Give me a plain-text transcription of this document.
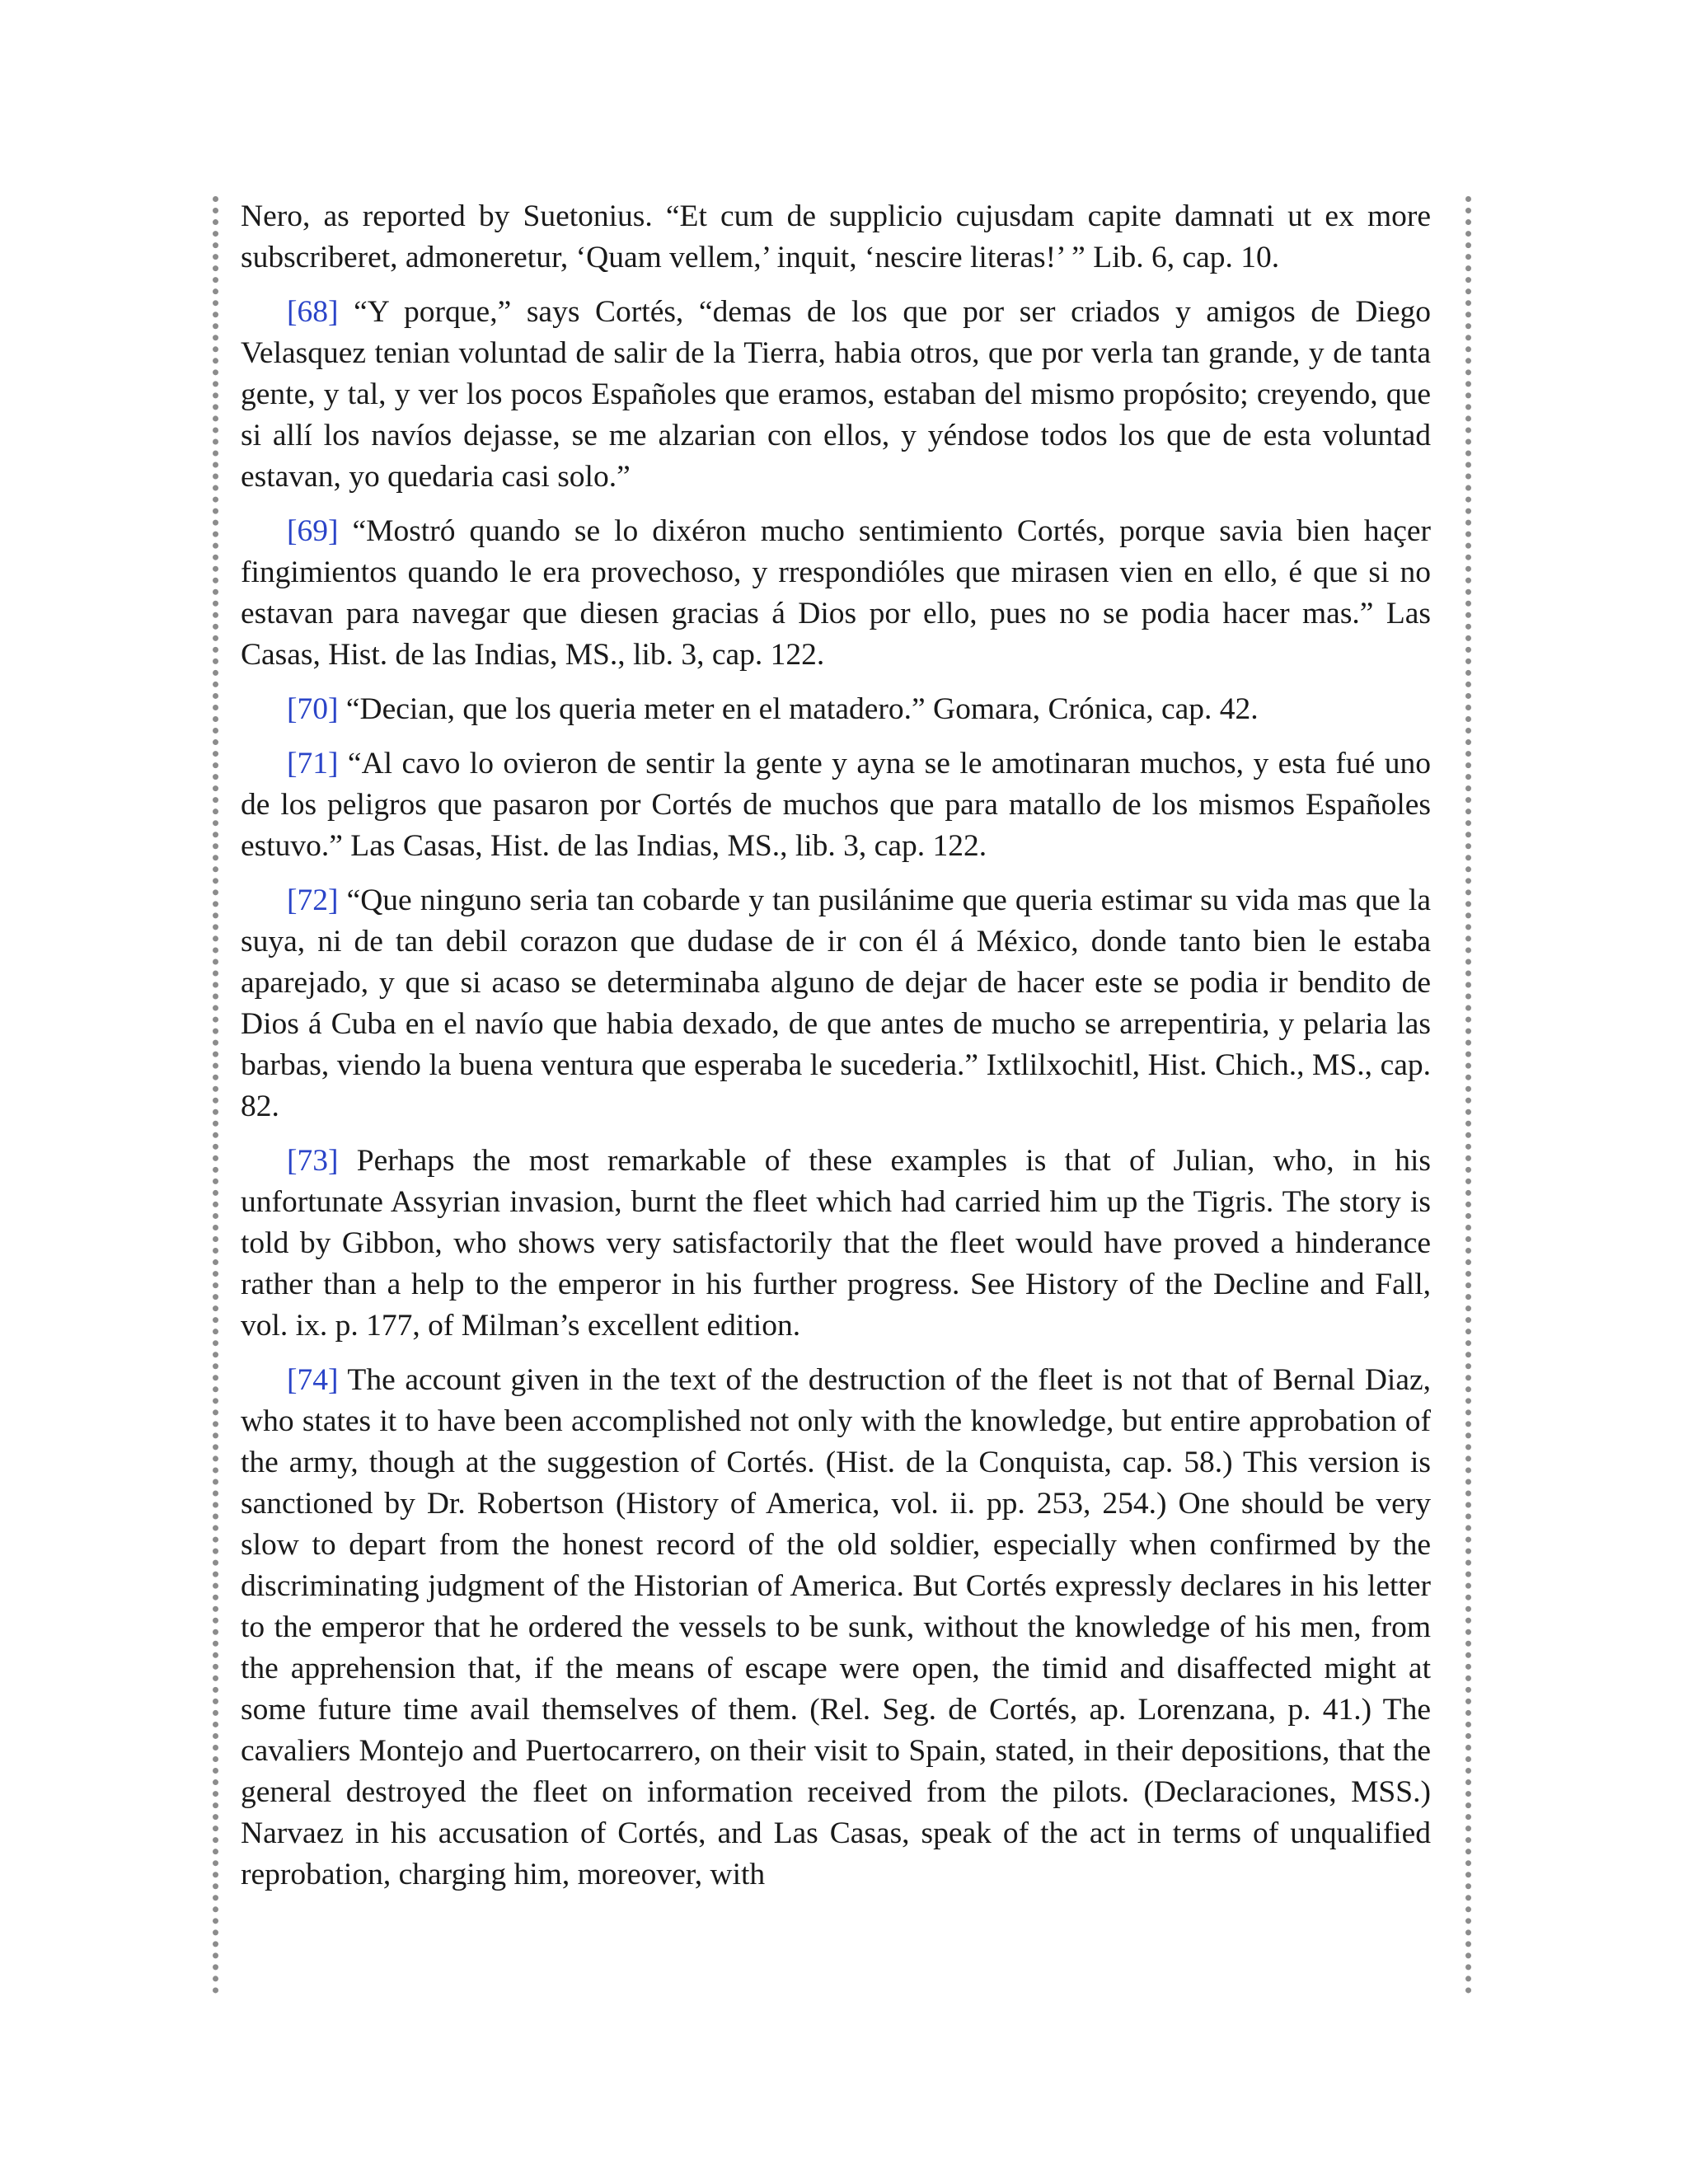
Nero, as reported by Suetonius. “Et cum de supplicio cujusdam capite damnati ut ex more subscriberet, admoneretur, ‘Quam vellem,’ inquit, ‘nescire literas!’ ” Lib. 6, cap. 10.

[68] “Y porque,” says Cortés, “demas de los que por ser criados y amigos de Diego Velasquez tenian voluntad de salir de la Tierra, habia otros, que por verla tan grande, y de tanta gente, y tal, y ver los pocos Españoles que eramos, estaban del mismo propósito; creyendo, que si allí los navíos dejasse, se me alzarian con ellos, y yéndose todos los que de esta voluntad estavan, yo quedaria casi solo.”

[69] “Mostró quando se lo dixéron mucho sentimiento Cortés, porque savia bien haçer fingimientos quando le era provechoso, y rrespondióles que mirasen vien en ello, é que si no estavan para navegar que diesen gracias á Dios por ello, pues no se podia hacer mas.” Las Casas, Hist. de las Indias, MS., lib. 3, cap. 122.

[70] “Decian, que los queria meter en el matadero.” Gomara, Crónica, cap. 42.

[71] “Al cavo lo ovieron de sentir la gente y ayna se le amotinaran muchos, y esta fué uno de los peligros que pasaron por Cortés de muchos que para matallo de los mismos Españoles estuvo.” Las Casas, Hist. de las Indias, MS., lib. 3, cap. 122.

[72] “Que ninguno seria tan cobarde y tan pusilánime que queria estimar su vida mas que la suya, ni de tan debil corazon que dudase de ir con él á México, donde tanto bien le estaba aparejado, y que si acaso se determinaba alguno de dejar de hacer este se podia ir bendito de Dios á Cuba en el navío que habia dexado, de que antes de mucho se arrepentiria, y pelaria las barbas, viendo la buena ventura que esperaba le sucederia.” Ixtlilxochitl, Hist. Chich., MS., cap. 82.

[73] Perhaps the most remarkable of these examples is that of Julian, who, in his unfortunate Assyrian invasion, burnt the fleet which had carried him up the Tigris. The story is told by Gibbon, who shows very satisfactorily that the fleet would have proved a hinderance rather than a help to the emperor in his further progress. See History of the Decline and Fall, vol. ix. p. 177, of Milman’s excellent edition.

[74] The account given in the text of the destruction of the fleet is not that of Bernal Diaz, who states it to have been accomplished not only with the knowledge, but entire approbation of the army, though at the suggestion of Cortés. (Hist. de la Conquista, cap. 58.) This version is sanctioned by Dr. Robertson (History of America, vol. ii. pp. 253, 254.) One should be very slow to depart from the honest record of the old soldier, especially when confirmed by the discriminating judgment of the Historian of America. But Cortés expressly declares in his letter to the emperor that he ordered the vessels to be sunk, without the knowledge of his men, from the apprehension that, if the means of escape were open, the timid and disaffected might at some future time avail themselves of them. (Rel. Seg. de Cortés, ap. Lorenzana, p. 41.) The cavaliers Montejo and Puertocarrero, on their visit to Spain, stated, in their depositions, that the general destroyed the fleet on information received from the pilots. (Declaraciones, MSS.) Narvaez in his accusation of Cortés, and Las Casas, speak of the act in terms of unqualified reprobation, charging him, moreover, with
